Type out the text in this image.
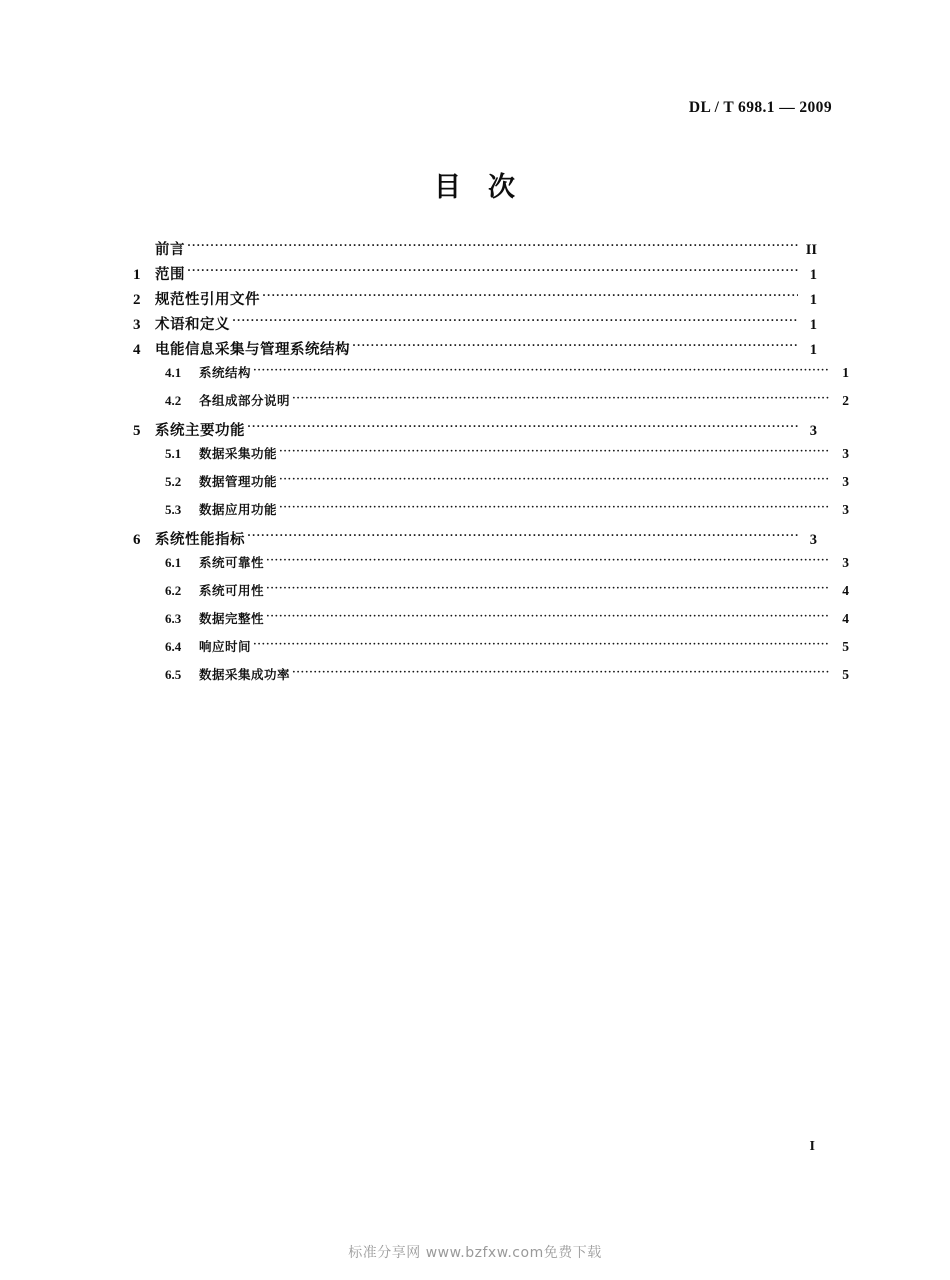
DL / T 698.1 — 2009
目 次
前言 ·····	II
1	范围 ·····	1
2	规范性引用文件 ·····	1
3	术语和定义 ·····	1
4	电能信息采集与管理系统结构 ·····	1
4.1	系统结构 ·····	1
4.2	各组成部分说明 ·····	2
5	系统主要功能 ·····	3
5.1	数据采集功能 ·····	3
5.2	数据管理功能 ·····	3
5.3	数据应用功能 ·····	3
6	系统性能指标 ·····	3
6.1	系统可靠性 ·····	3
6.2	系统可用性 ·····	4
6.3	数据完整性 ·····	4
6.4	响应时间 ·····	5
6.5	数据采集成功率 ·····	5
I
标准分享网 www.bzfxw.com免费下载
